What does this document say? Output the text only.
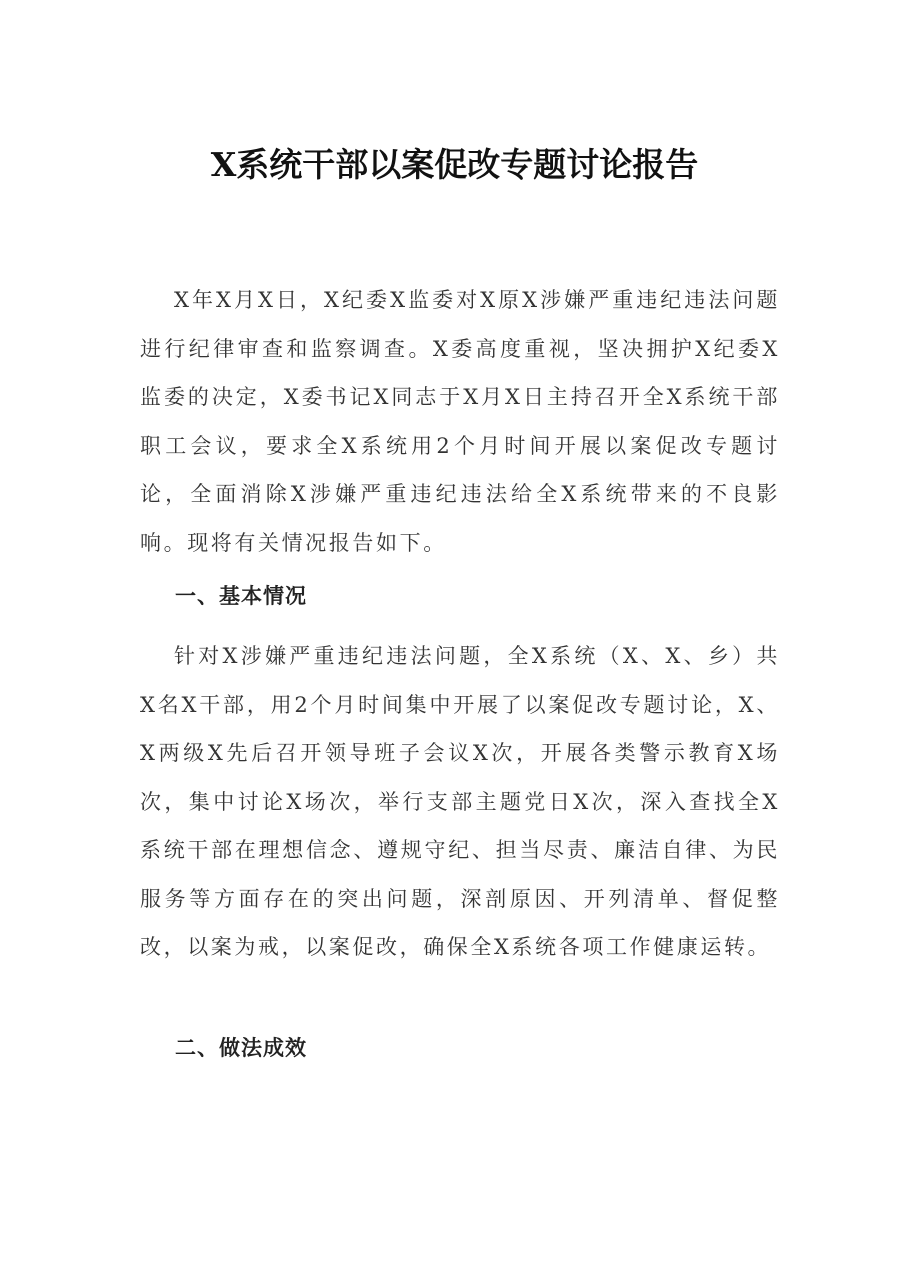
X系统干部以案促改专题讨论报告

X年X月X日，X纪委X监委对X原X涉嫌严重违纪违法问题进行纪律审查和监察调查。X委高度重视，坚决拥护X纪委X监委的决定，X委书记X同志于X月X日主持召开全X系统干部职工会议，要求全X系统用2个月时间开展以案促改专题讨论，全面消除X涉嫌严重违纪违法给全X系统带来的不良影响。现将有关情况报告如下。

一、基本情况

针对X涉嫌严重违纪违法问题，全X系统（X、X、乡）共X名X干部，用2个月时间集中开展了以案促改专题讨论，X、X两级X先后召开领导班子会议X次，开展各类警示教育X场次，集中讨论X场次，举行支部主题党日X次，深入查找全X系统干部在理想信念、遵规守纪、担当尽责、廉洁自律、为民服务等方面存在的突出问题，深剖原因、开列清单、督促整改，以案为戒，以案促改，确保全X系统各项工作健康运转。

二、做法成效
